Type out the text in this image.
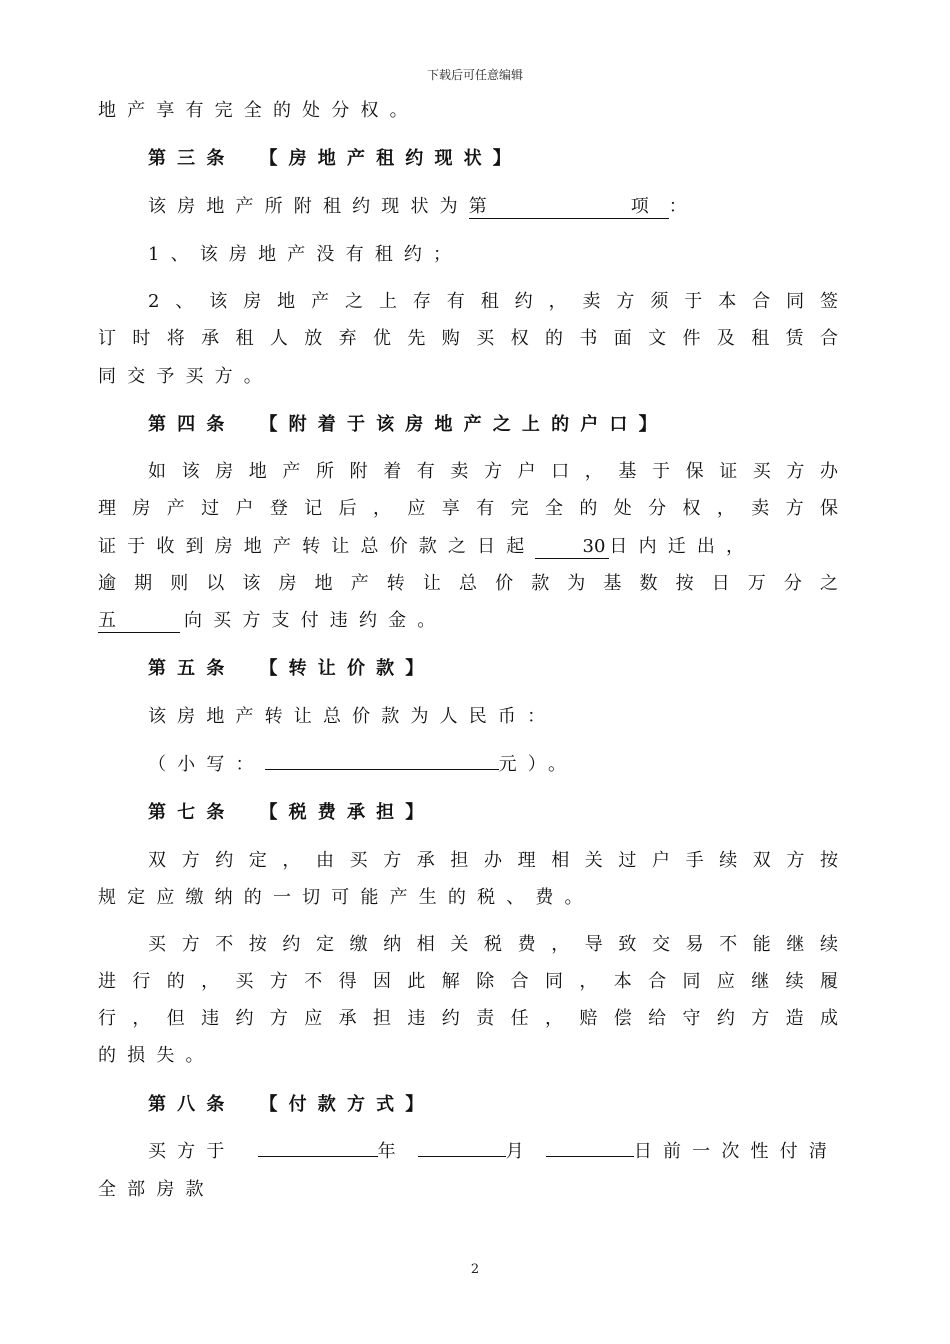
下载后可任意编辑
地产享有完全的处分权。
第三条 【房地产租约现状】
该房地产所附租约现状为第	项 ：
1、该房地产没有租约；
2、该房地产之上存有租约，卖方须于本合同签
订时将承租人放弃优先购买权的书面文件及租赁合
同交予买方。
第四条 【附着于该房地产之上的户口】
如该房地产所附着有卖方户口，基于保证买方办
理房产过户登记后，应享有完全的处分权，卖方保
证于收到房地产转让总价款之日起	30 日内迁出，
逾期则以该房地产转让总价款为基数按日万分之
五	向买方支付违约金。
第五条 【转让价款】
该房地产转让总价款为人民币：
（小写：	元）。
第七条 【税费承担】
双方约定，由买方承担办理相关过户手续双方按
规定应缴纳的一切可能产生的税、费。
买方不按约定缴纳相关税费，导致交易不能继续
进行的，买方不得因此解除合同，本合同应继续履
行，但违约方应承担违约责任，赔偿给守约方造成
的损失。
第八条 【付款方式】
买方于	年	月	日前一次性付清
全部房款
2
